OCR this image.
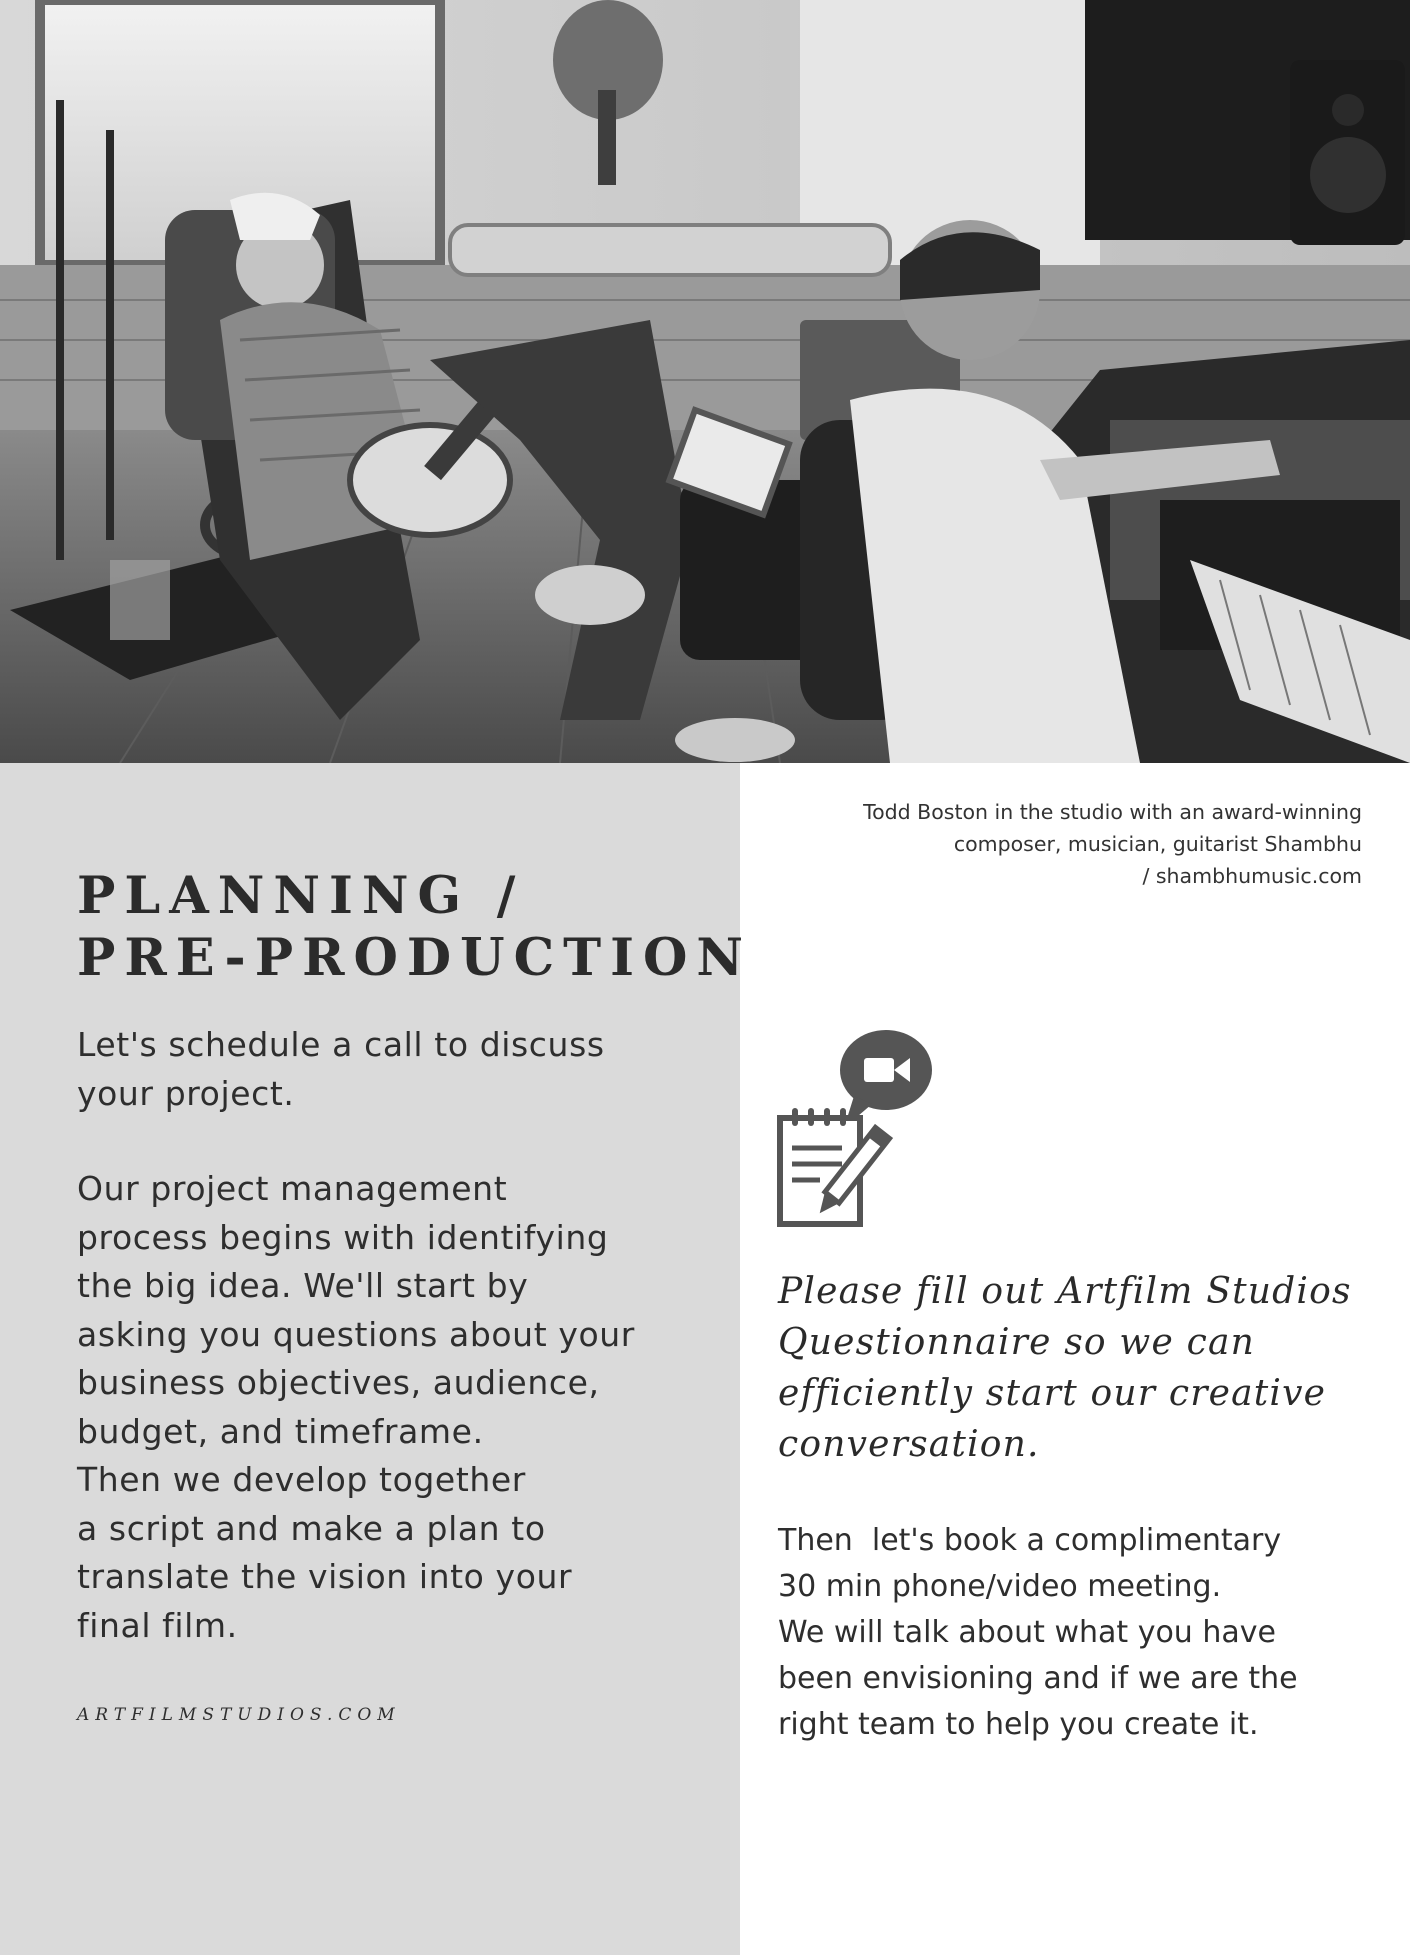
PLANNING /
PRE-PRODUCTION

Let's schedule a call to discuss
your project.

Our project management
process begins with identifying
the big idea. We'll start by
asking you questions about your
business objectives, audience,
budget, and timeframe.
Then we develop together
a script and make a plan to
translate the vision into your
final film.

ARTFILMSTUDIOS.COM

Todd Boston in the studio with an award-winning
composer, musician, guitarist Shambhu
/ shambhumusic.com

Please fill out Artfilm Studios
Questionnaire so we can
efficiently start our creative
conversation.

Then  let's book a complimentary
30 min phone/video meeting.
We will talk about what you have
been envisioning and if we are the
right team to help you create it.
